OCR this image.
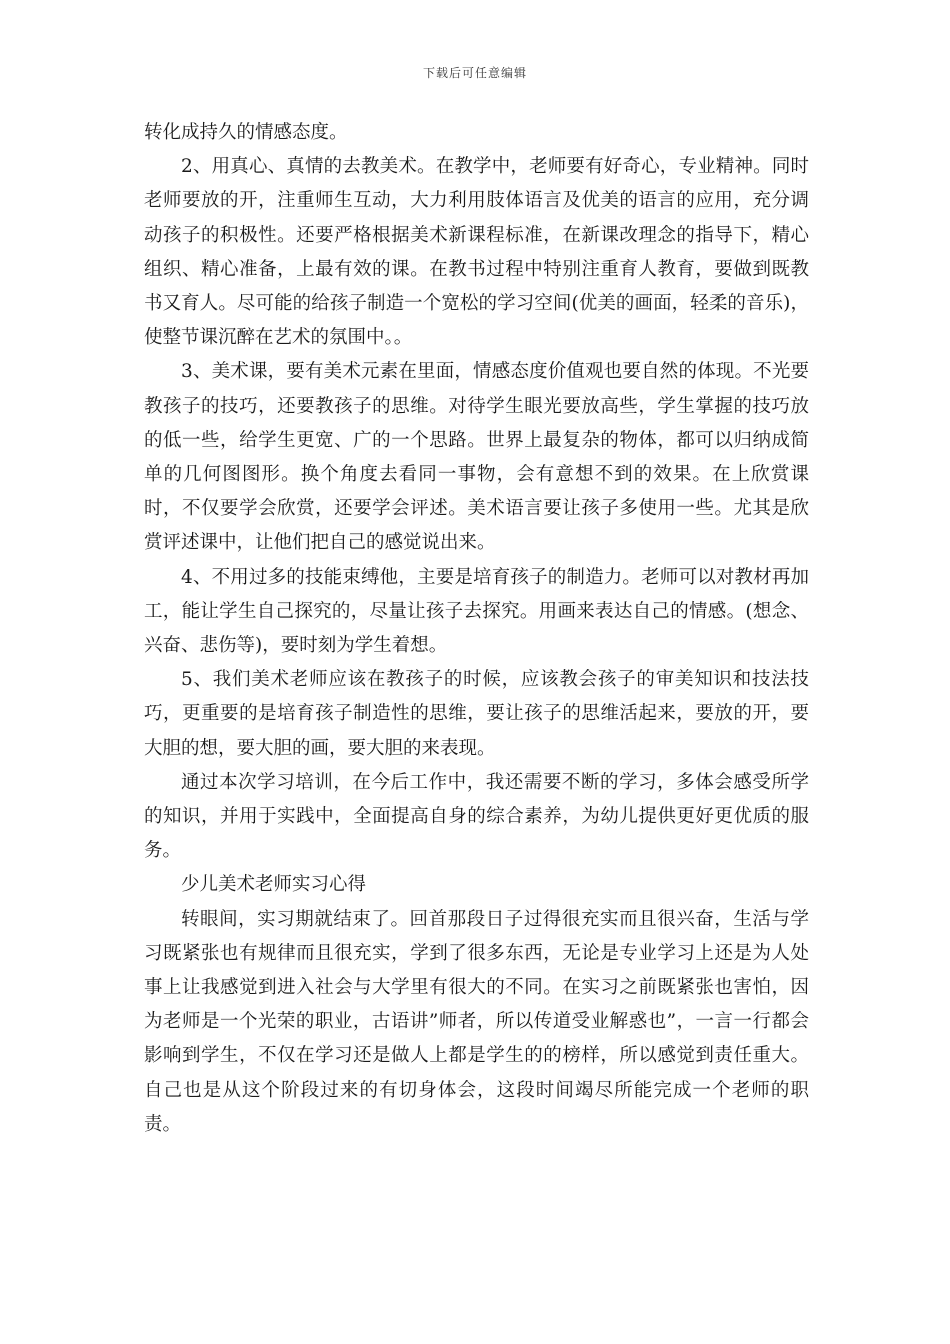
下载后可任意编辑

转化成持久的情感态度。

2、用真心、真情的去教美术。在教学中，老师要有好奇心，专业精神。同时老师要放的开，注重师生互动，大力利用肢体语言及优美的语言的应用，充分调动孩子的积极性。还要严格根据美术新课程标准，在新课改理念的指导下，精心组织、精心准备，上最有效的课。在教书过程中特别注重育人教育，要做到既教书又育人。尽可能的给孩子制造一个宽松的学习空间(优美的画面，轻柔的音乐)，使整节课沉醉在艺术的氛围中。。

3、美术课，要有美术元素在里面，情感态度价值观也要自然的体现。不光要教孩子的技巧，还要教孩子的思维。对待学生眼光要放高些，学生掌握的技巧放的低一些，给学生更宽、广的一个思路。世界上最复杂的物体，都可以归纳成简单的几何图图形。换个角度去看同一事物，会有意想不到的效果。在上欣赏课时，不仅要学会欣赏，还要学会评述。美术语言要让孩子多使用一些。尤其是欣赏评述课中，让他们把自己的感觉说出来。

4、不用过多的技能束缚他，主要是培育孩子的制造力。老师可以对教材再加工，能让学生自己探究的，尽量让孩子去探究。用画来表达自己的情感。(想念、兴奋、悲伤等)，要时刻为学生着想。

5、我们美术老师应该在教孩子的时候，应该教会孩子的审美知识和技法技巧，更重要的是培育孩子制造性的思维，要让孩子的思维活起来，要放的开，要大胆的想，要大胆的画，要大胆的来表现。

通过本次学习培训，在今后工作中，我还需要不断的学习，多体会感受所学的知识，并用于实践中，全面提高自身的综合素养，为幼儿提供更好更优质的服务。

少儿美术老师实习心得

转眼间，实习期就结束了。回首那段日子过得很充实而且很兴奋，生活与学习既紧张也有规律而且很充实，学到了很多东西，无论是专业学习上还是为人处事上让我感觉到进入社会与大学里有很大的不同。在实习之前既紧张也害怕，因为老师是一个光荣的职业，古语讲”师者，所以传道受业解惑也”，一言一行都会影响到学生，不仅在学习还是做人上都是学生的的榜样，所以感觉到责任重大。自己也是从这个阶段过来的有切身体会，这段时间竭尽所能完成一个老师的职责。
